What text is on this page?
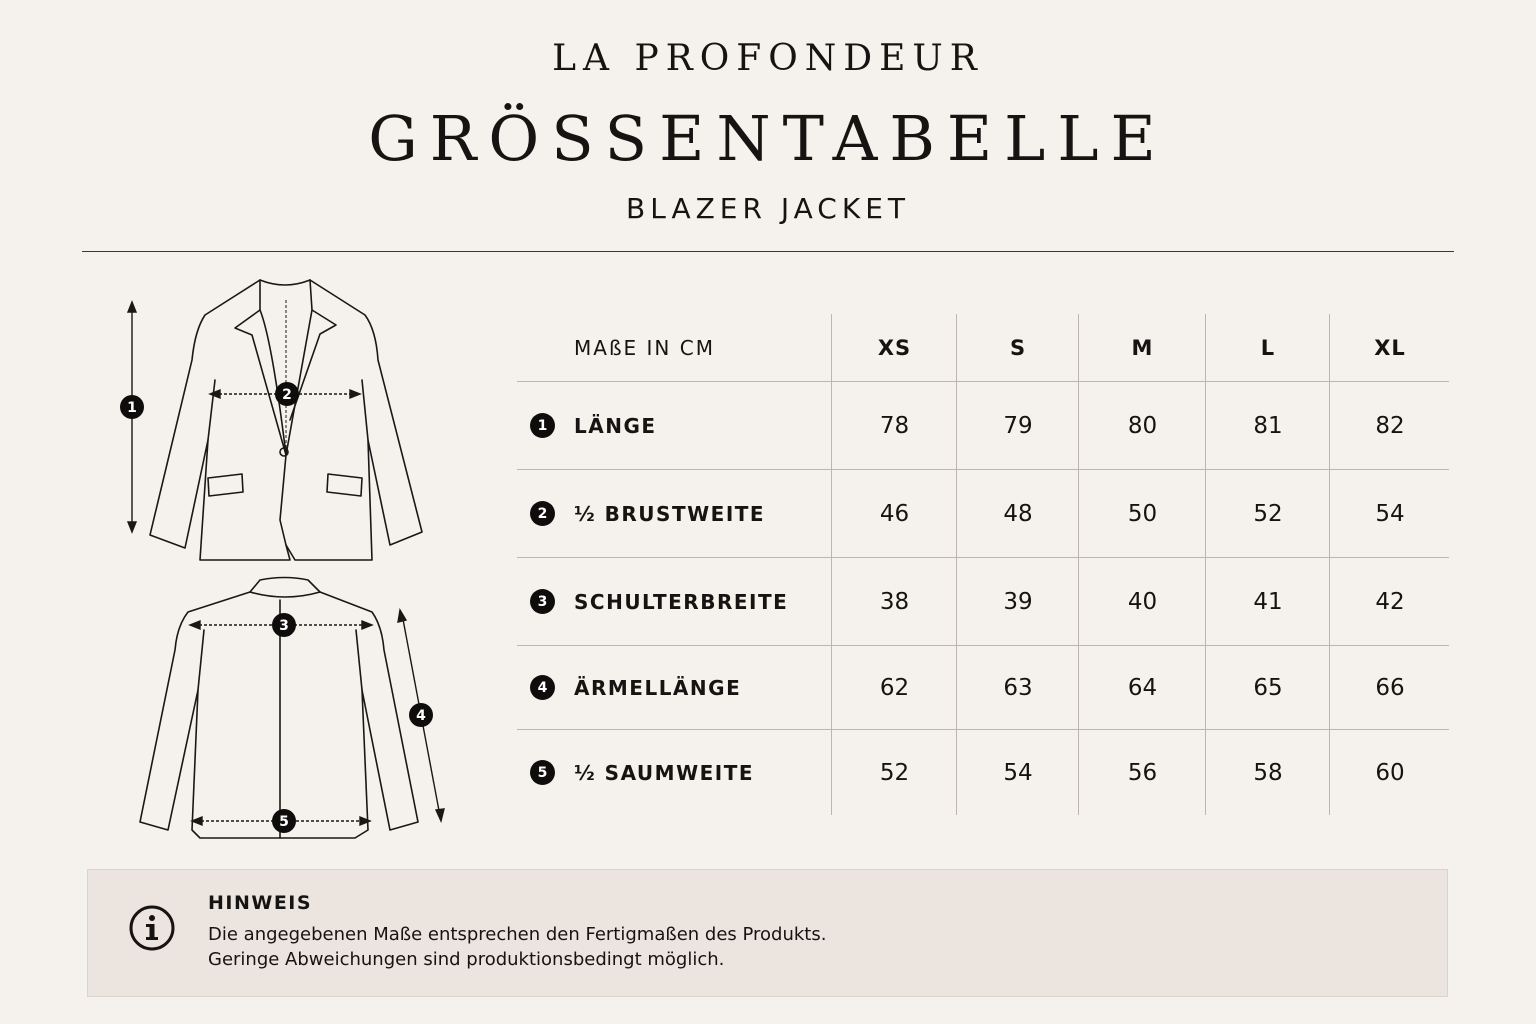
LA PROFONDEUR
GRÖSSENTABELLE
BLAZER JACKET
1
2
3
4
5
MAßE IN CM	XS	S	M	L	XL
1	LÄNGE	78	79	80	81	82
2	½ BRUSTWEITE	46	48	50	52	54
3	SCHULTERBREITE	38	39	40	41	42
4	ÄRMELLÄNGE	62	63	64	65	66
5	½ SAUMWEITE	52	54	56	58	60
HINWEIS
Die angegebenen Maße entsprechen den Fertigmaßen des Produkts.
Geringe Abweichungen sind produktionsbedingt möglich.
